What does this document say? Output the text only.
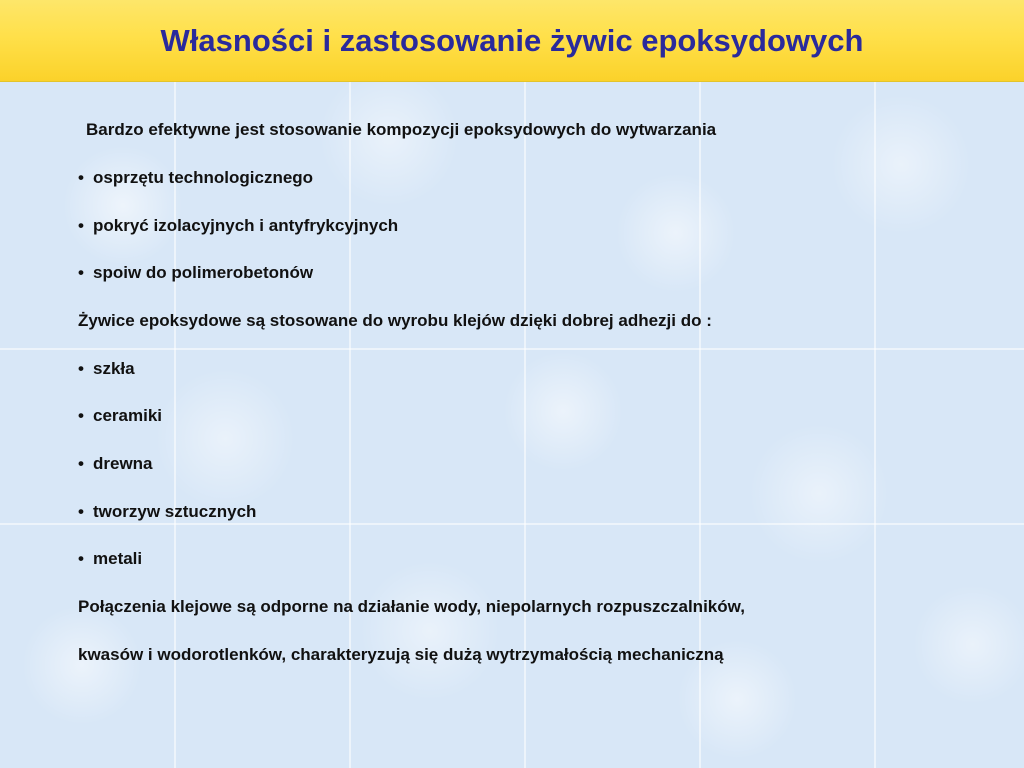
Własności i zastosowanie żywic epoksydowych
Bardzo efektywne jest stosowanie kompozycji epoksydowych do wytwarzania
• osprzętu technologicznego
• pokryć izolacyjnych i antyfrykcyjnych
• spoiw do polimerobetonów
Żywice epoksydowe są stosowane do wyrobu klejów dzięki dobrej adhezji do :
• szkła
• ceramiki
• drewna
• tworzyw sztucznych
• metali
Połączenia klejowe są odporne na działanie wody, niepolarnych rozpuszczalników,
kwasów i wodorotlenków, charakteryzują się dużą wytrzymałością mechaniczną
